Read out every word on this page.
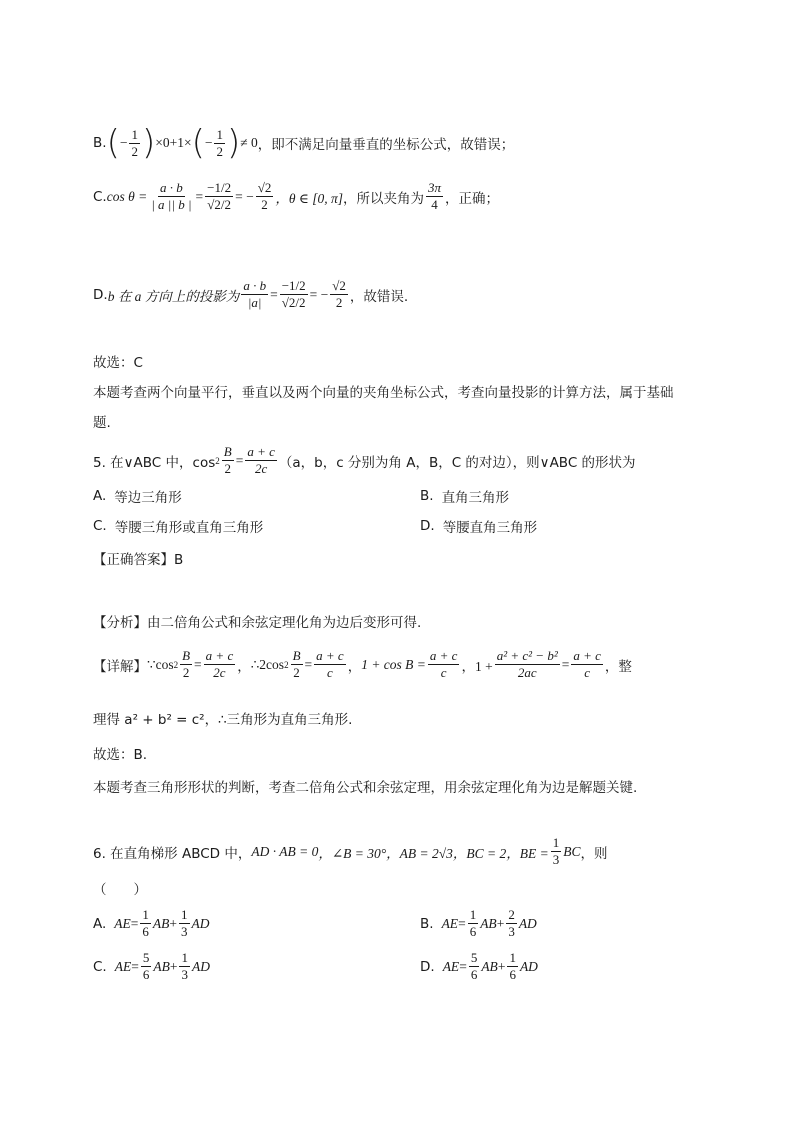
B. ( − $\frac{1}{2}$ ) ×0+1× ( − $\frac{1}{2}$ ) ≠ 0 ，即不满足向量垂直的坐标公式，故错误；
C. $\cos \theta = \frac{a \cdot b}{| a || b |} = \frac{-1/2}{√2/2}$ = − $\frac{√2}{2}$ ，θ ∈ [0, π] ，所以夹角为 $\frac{3\pi}{4}$ ，正确；
D. b 在 a 方向上的投影为 $\frac{a \cdot b}{|a|} = \frac{-1/2}{√2/2}$ = − $\frac{√2}{2}$ ，故错误.
故选：C
本题考查两个向量平行，垂直以及两个向量的夹角坐标公式，考查向量投影的计算方法，属于基础
题.
5. 在∨ABC 中，$\cos 2 \frac{B}{2} = \frac{a + c}{2c} (a$，b，c 分别为角 A，B，C 的对边），则∨ABC 的形状为
A. 等边三角形	B. 直角三角形
C. 等腰三角形或直角三角形	D. 等腰直角三角形
【正确答案】B
【分析】由二倍角公式和余弦定理化角为边后变形可得.
【详解】 ∵cos $2 \frac{B}{2} = \frac{a + c}{2c}$ ， ∴2cos $2 \frac{B}{2} = \frac{a + c}{c}$ ， $1 + \cos B = \frac{a + c}{c}$ ，$1 + \frac{\text{a² + c² − b²}}{2ac} = \frac{a + c}{c}$ ，整
理得 a² + b² = c²，∴三角形为直角三角形.
故选：B.
本题考查三角形形状的判断，考查二倍角公式和余弦定理，用余弦定理化角为边是解题关键.
6. 在直角梯形 ABCD 中， AD · AB = 0 ，∠B = 30° ，AB = 2√3 ，BC = 2 ，BE = $\frac{1}{3}$ BC ，则
（　　）
A. AE = $\frac{1}{6}$ AB + $\frac{1}{3}$ AD	B. AE = $\frac{1}{6}$ AB + $\frac{2}{3}$ AD
C. AE = $\frac{5}{6}$ AB + $\frac{1}{3}$ AD	D. AE = $\frac{5}{6}$ AB + $\frac{1}{6}$ AD
